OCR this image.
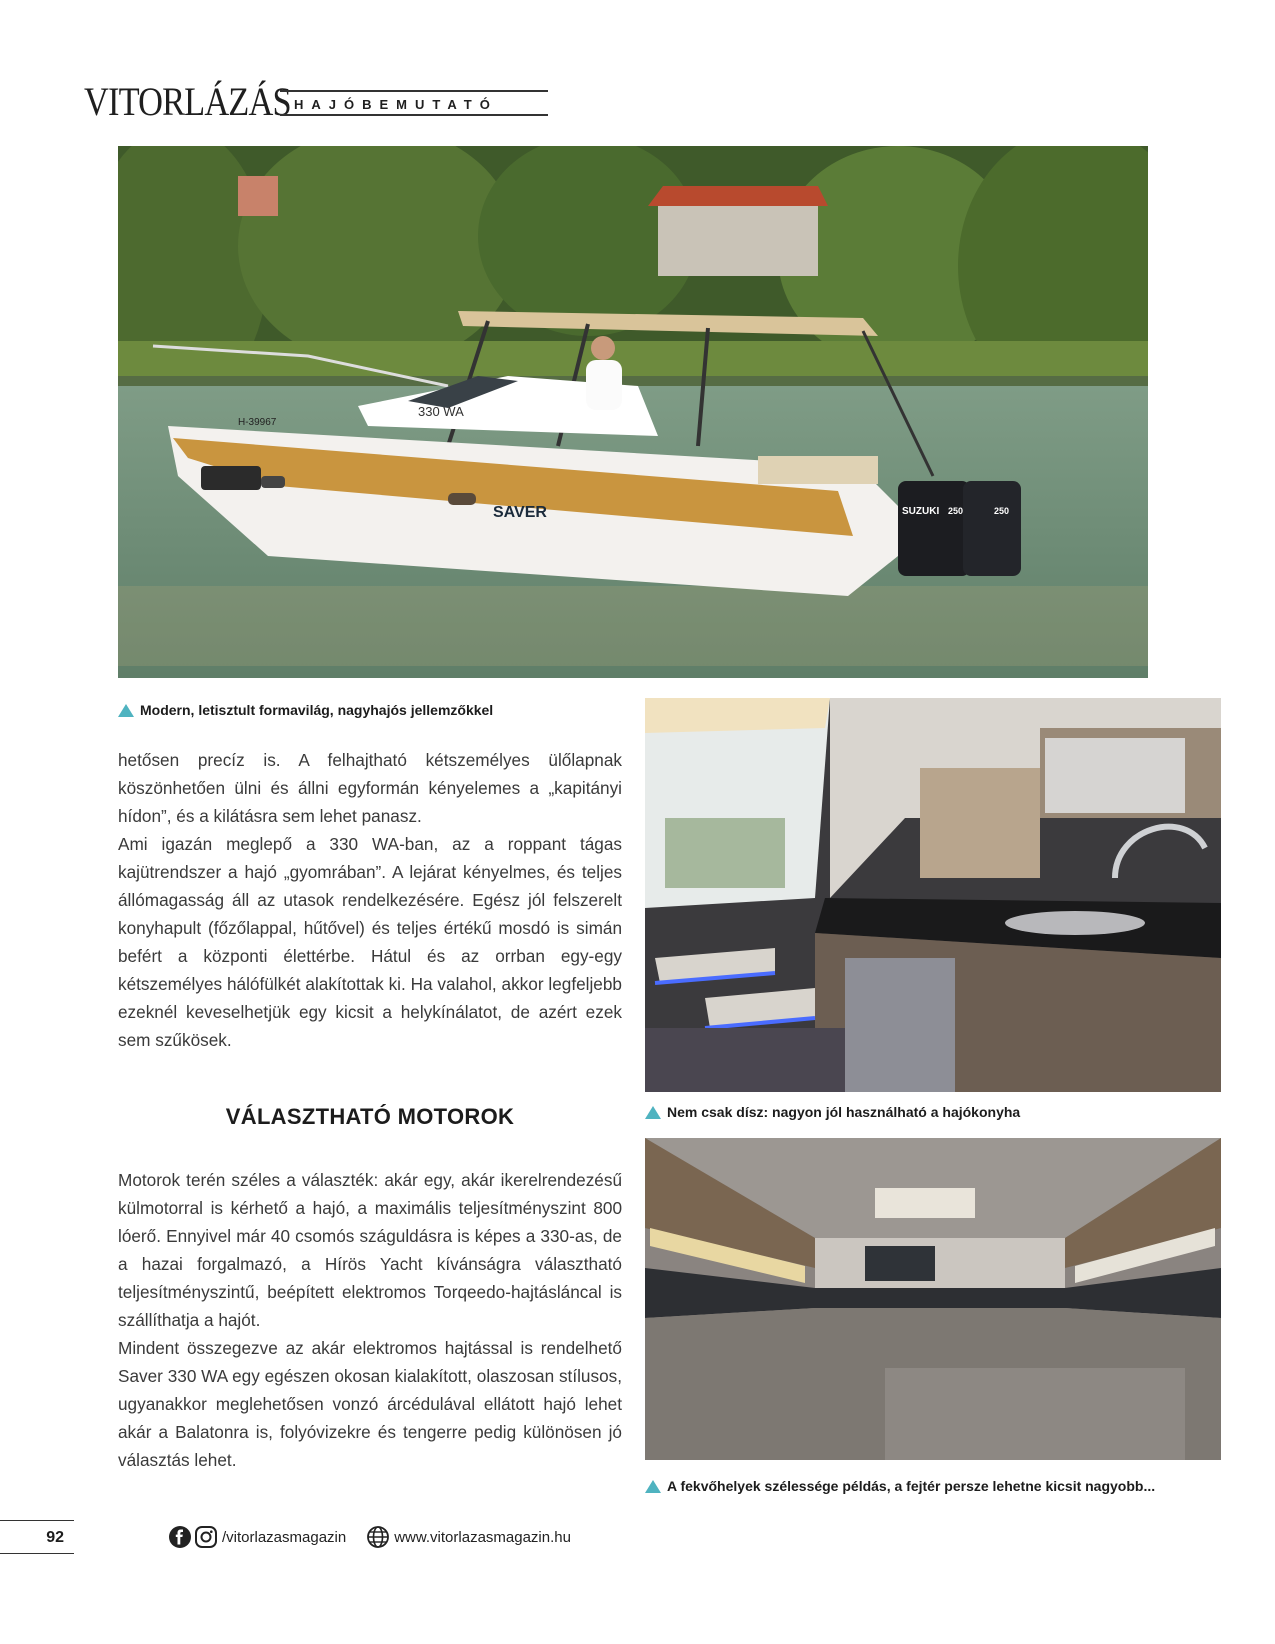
VITORLÁZÁS HAJÓBEMUTATÓ
H-39967
330 WA
SAVER	SUZUKI 250	250
Modern, letisztult formavilág, nagyhajós jellemzőkkel
Nem csak dísz: nagyon jól használható a hajókonyha
A fekvőhelyek szélessége példás, a fejtér persze lehetne kicsit nagyobb...

hetősen precíz is. A felhajtható kétszemélyes ülőlapnak köszönhetően ülni és állni egyformán kényelemes a „kapitányi hídon”, és a kilátásra sem lehet panasz.

Ami igazán meglepő a 330 WA-ban, az a roppant tágas kajütrendszer a hajó „gyomrában”. A lejárat kényelmes, és teljes állómagasság áll az utasok rendelkezésére. Egész jól felszerelt konyhapult (főzőlappal, hűtővel) és teljes értékű mosdó is simán befért a központi élettérbe. Hátul és az orrban egy-egy kétszemélyes hálófülkét alakítottak ki. Ha valahol, akkor legfeljebb ezeknél keveselhetjük egy kicsit a helykínálatot, de azért ezek sem szűkösek.

VÁLASZTHATÓ MOTOROK

Motorok terén széles a választék: akár egy, akár ikerelrendezésű külmotorral is kérhető a hajó, a maximális teljesítményszint 800 lóerő. Ennyivel már 40 csomós száguldásra is képes a 330-as, de a hazai forgalmazó, a Hírös Yacht kívánságra választható teljesítményszintű, beépített elektromos Torqeedo-hajtásláncal is szállíthatja a hajót.

Mindent összegezve az akár elektromos hajtással is rendelhető Saver 330 WA egy egészen okosan kialakított, olaszosan stílusos, ugyanakkor meglehetősen vonzó árcédulával ellátott hajó lehet akár a Balatonra is, folyóvizekre és tengerre pedig különösen jó választás lehet.

92	/vitorlazasmagazin	www.vitorlazasmagazin.hu
